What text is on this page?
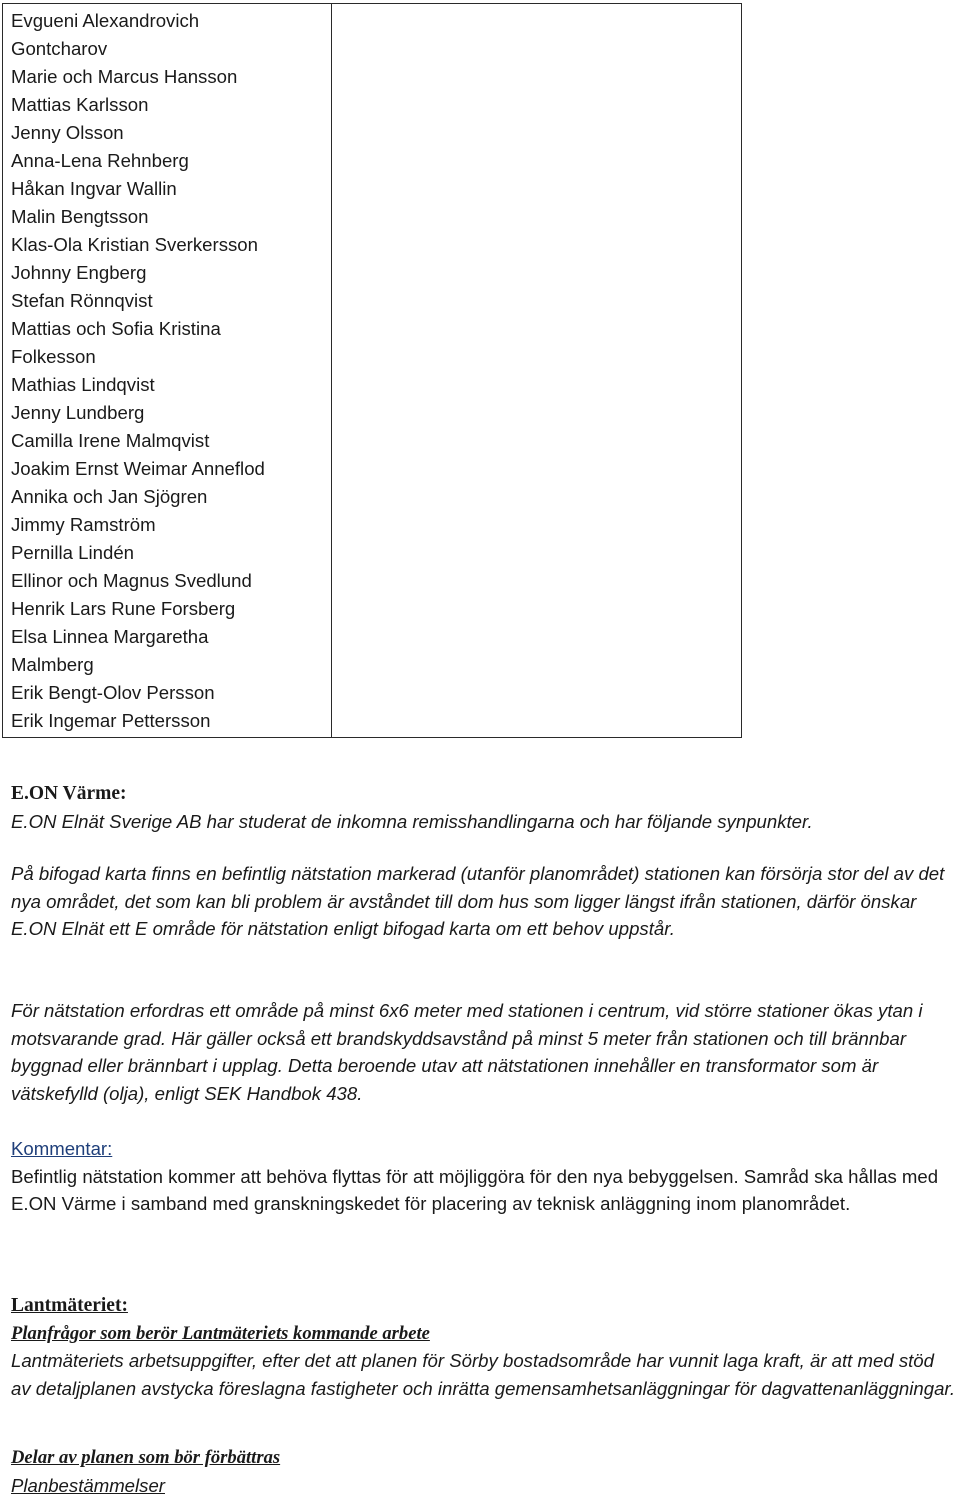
Evgueni Alexandrovich
Gontcharov
Marie och Marcus Hansson
Mattias Karlsson
Jenny Olsson
Anna-Lena Rehnberg
Håkan Ingvar Wallin
Malin Bengtsson
Klas-Ola Kristian Sverkersson
Johnny Engberg
Stefan Rönnqvist
Mattias och Sofia Kristina
Folkesson
Mathias Lindqvist
Jenny Lundberg
Camilla Irene Malmqvist
Joakim Ernst Weimar Anneflod
Annika och Jan Sjögren
Jimmy Ramström
Pernilla Lindén
Ellinor och Magnus Svedlund
Henrik Lars Rune Forsberg
Elsa Linnea Margaretha
Malmberg
Erik Bengt-Olov Persson
Erik Ingemar Pettersson

E.ON Värme:

E.ON Elnät Sverige AB har studerat de inkomna remisshandlingarna och har följande synpunkter.

På bifogad karta finns en befintlig nätstation markerad (utanför planområdet) stationen kan försörja stor del av det nya området, det som kan bli problem är avståndet till dom hus som ligger längst ifrån stationen, därför önskar E.ON Elnät ett E område för nätstation enligt bifogad karta om ett behov uppstår.
För nätstation erfordras ett område på minst 6x6 meter med stationen i centrum, vid större stationer ökas ytan i motsvarande grad. Här gäller också ett brandskyddsavstånd på minst 5 meter från stationen och till brännbar byggnad eller brännbart i upplag. Detta beroende utav att nätstationen innehåller en transformator som är vätskefylld (olja), enligt SEK Handbok 438.

Kommentar:

Befintlig nätstation kommer att behöva flyttas för att möjliggöra för den nya bebyggelsen. Samråd ska hållas med E.ON Värme i samband med granskningskedet för placering av teknisk anläggning inom planområdet.

Lantmäteriet:

Planfrågor som berör Lantmäteriets kommande arbete

Lantmäteriets arbetsuppgifter, efter det att planen för Sörby bostadsområde har vunnit laga kraft, är att med stöd av detaljplanen avstycka föreslagna fastigheter och inrätta gemensamhetsanläggningar för dagvattenanläggningar.

Delar av planen som bör förbättras

Planbestämmelser
